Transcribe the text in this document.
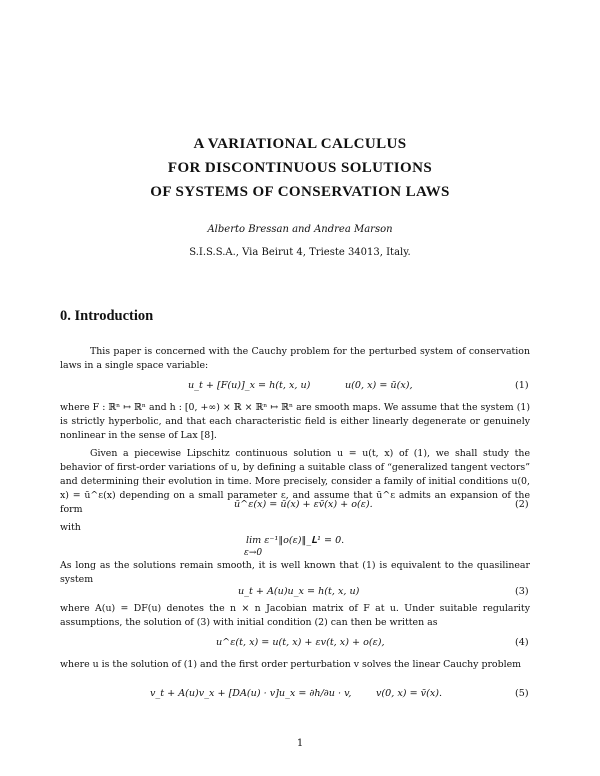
A VARIATIONAL CALCULUS
FOR DISCONTINUOUS SOLUTIONS
OF SYSTEMS OF CONSERVATION LAWS
Alberto Bressan and Andrea Marson
S.I.S.S.A., Via Beirut 4, Trieste 34013, Italy.
0. Introduction
This paper is concerned with the Cauchy problem for the perturbed system of conservation laws in a single space variable:
u_t + [F(u)]_x = h(t, x, u)	u(0, x) = ū(x),	(1)
where F : ℝⁿ ↦ ℝⁿ and h : [0, +∞) × ℝ × ℝⁿ ↦ ℝⁿ are smooth maps. We assume that the system (1) is strictly hyperbolic, and that each characteristic field is either linearly degenerate or genuinely nonlinear in the sense of Lax [8].
Given a piecewise Lipschitz continuous solution u = u(t, x) of (1), we shall study the behavior of first-order variations of u, by defining a suitable class of “generalized tangent vectors” and determining their evolution in time. More precisely, consider a family of initial conditions u(0, x) = ū^ε(x) depending on a small parameter ε, and assume that ū^ε admits an expansion of the form	ū^ε(x) = ū(x) + εv̄(x) + o(ε).	(2)
with
lim ε⁻¹‖o(ε)‖_𝐋¹ = 0.
ε→0
As long as the solutions remain smooth, it is well known that (1) is equivalent to the quasilinear system
u_t + A(u)u_x = h(t, x, u)	(3)
where A(u) = DF(u) denotes the n × n Jacobian matrix of F at u. Under suitable regularity assumptions, the solution of (3) with initial condition (2) can then be written as
u^ε(t, x) = u(t, x) + εv(t, x) + o(ε),	(4)
where u is the solution of (1) and the first order perturbation v solves the linear Cauchy problem
v_t + A(u)v_x + [DA(u) · v]u_x = ∂h/∂u · v,	v(0, x) = v̄(x).	(5)
1
